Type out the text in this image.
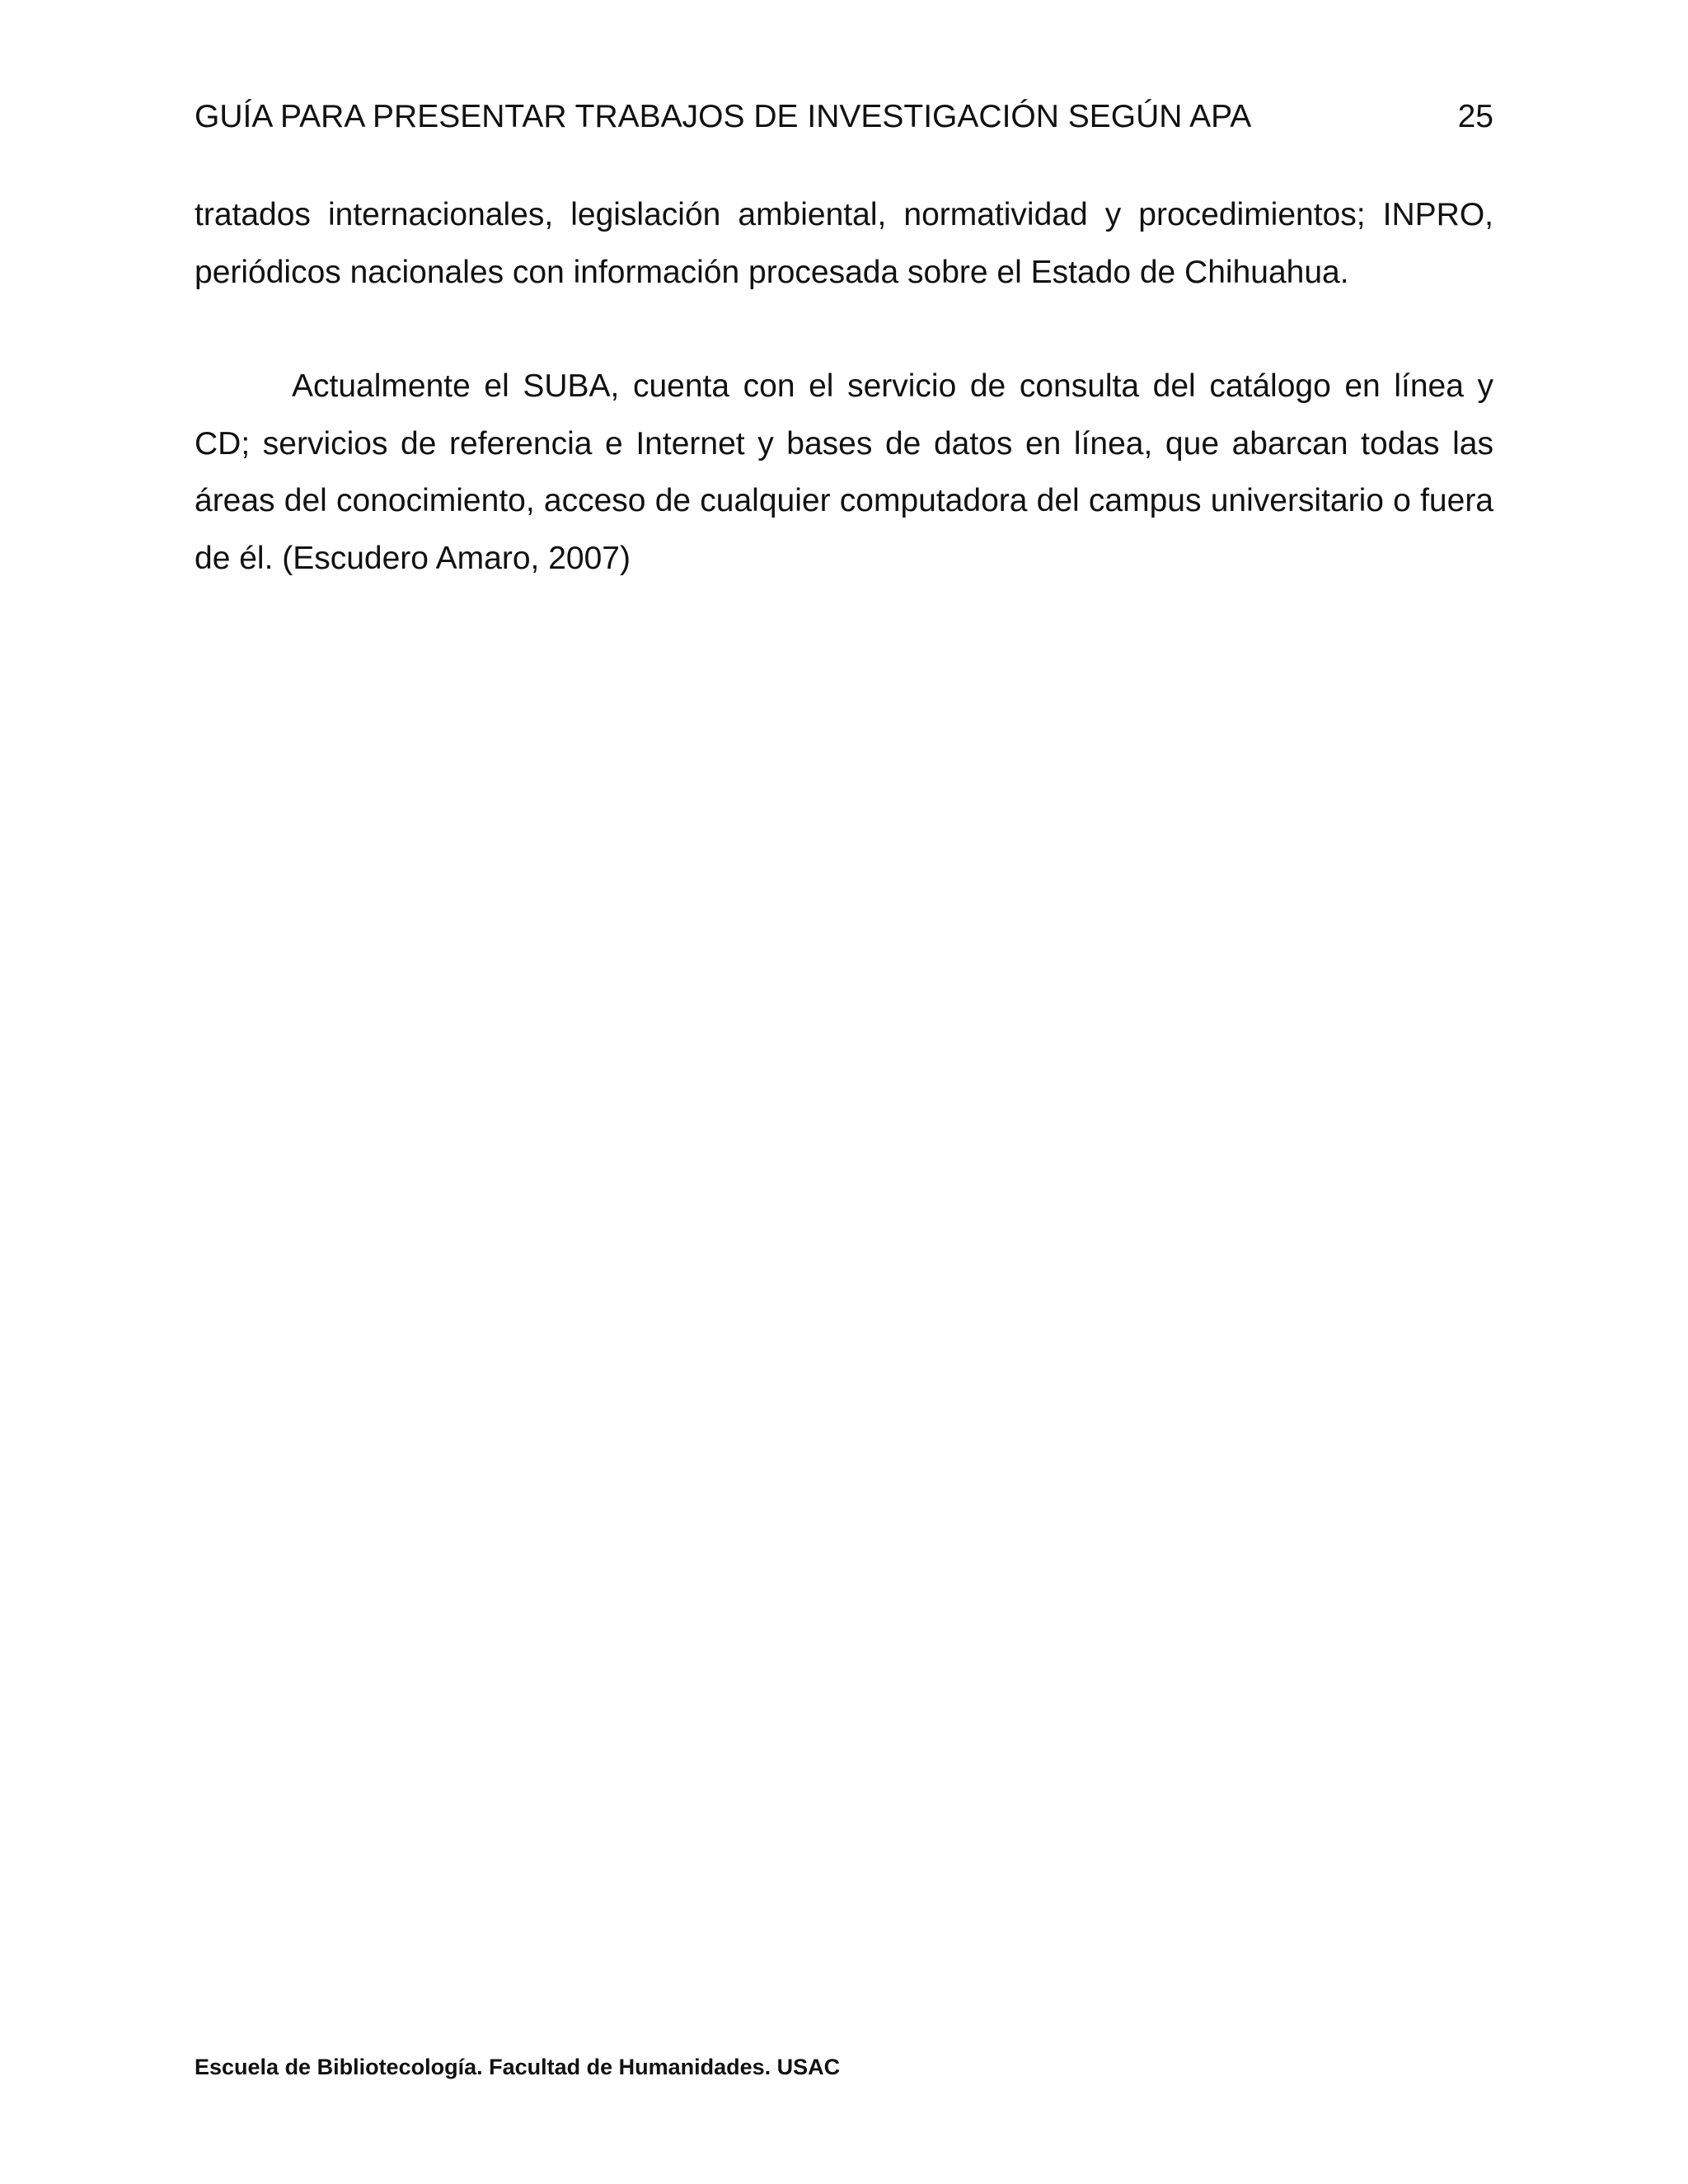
GUÍA PARA PRESENTAR TRABAJOS DE INVESTIGACIÓN SEGÚN APA	25

tratados internacionales, legislación ambiental, normatividad y procedimientos; INPRO, periódicos nacionales con información procesada sobre el Estado de Chihuahua.

Actualmente el SUBA, cuenta con el servicio de consulta del catálogo en línea y CD; servicios de referencia e Internet y bases de datos en línea, que abarcan todas las áreas del conocimiento, acceso de cualquier computadora del campus universitario o fuera de él. (Escudero Amaro, 2007)

Escuela de Bibliotecología. Facultad de Humanidades. USAC
